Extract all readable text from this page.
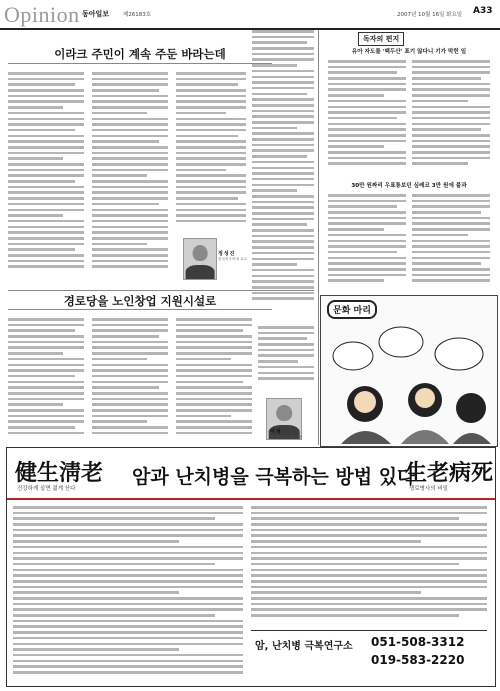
Opinion 동아일보	제26183호	2007년 10월 16일 화요일 A33
이라크 주민이 계속 주둔 바라는데
정성진
한국외국어대 교수
경로당을 노인창업 지원시설로
이성
한국노인복지관 관장
독자의 편지
유아 자도를 '백두산' 표기 않다니 기가 막힌 일
30만 원짜리 우표통보던 심레코 3만 원에 불과
문화 마리
健生淸老
건강하게 살면 젊게 산다
암과 난치병을 극복하는 방법 있다
生老病死
생로병사의 비밀
암, 난치병 극복연구소 051-508-3312
019-583-2220
